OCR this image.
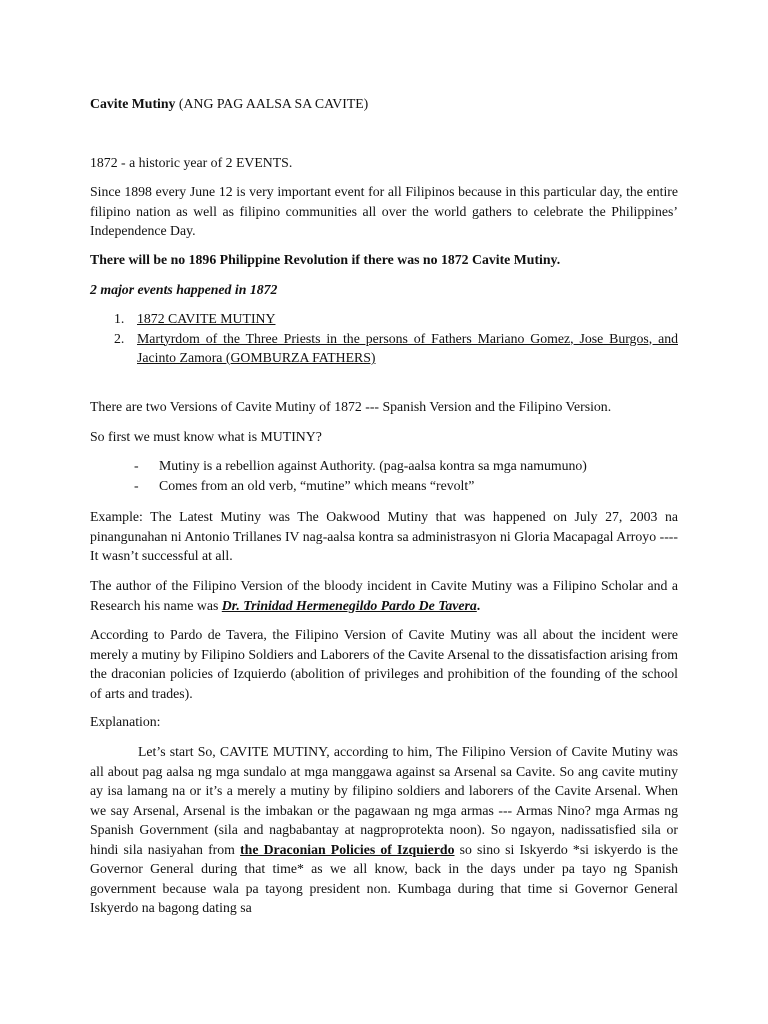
Cavite Mutiny (ANG PAG AALSA SA CAVITE)

1872 - a historic year of 2 EVENTS.

Since 1898 every June 12 is very important event for all Filipinos because in this particular day, the entire filipino nation as well as filipino communities all over the world gathers to celebrate the Philippines’ Independence Day.

There will be no 1896 Philippine Revolution if there was no 1872 Cavite Mutiny.

2 major events happened in 1872

1. 1872 CAVITE MUTINY
2. Martyrdom of the Three Priests in the persons of Fathers Mariano Gomez, Jose Burgos, and Jacinto Zamora (GOMBURZA FATHERS)

There are two Versions of Cavite Mutiny of 1872 --- Spanish Version and the Filipino Version.

So first we must know what is MUTINY?

- Mutiny is a rebellion against Authority. (pag-aalsa kontra sa mga namumuno)
- Comes from an old verb, “mutine” which means “revolt”

Example: The Latest Mutiny was The Oakwood Mutiny that was happened on July 27, 2003 na pinangunahan ni Antonio Trillanes IV nag-aalsa kontra sa administrasyon ni Gloria Macapagal Arroyo ---- It wasn’t successful at all.

The author of the Filipino Version of the bloody incident in Cavite Mutiny was a Filipino Scholar and a Research his name was Dr. Trinidad Hermenegildo Pardo De Tavera.

According to Pardo de Tavera, the Filipino Version of Cavite Mutiny was all about the incident were merely a mutiny by Filipino Soldiers and Laborers of the Cavite Arsenal to the dissatisfaction arising from the draconian policies of Izquierdo (abolition of privileges and prohibition of the founding of the school of arts and trades).

Explanation:

Let’s start So, CAVITE MUTINY, according to him, The Filipino Version of Cavite Mutiny was all about pag aalsa ng mga sundalo at mga manggawa against sa Arsenal sa Cavite. So ang cavite mutiny ay isa lamang na or it’s a merely a mutiny by filipino soldiers and laborers of the Cavite Arsenal. When we say Arsenal, Arsenal is the imbakan or the pagawaan ng mga armas --- Armas Nino? mga Armas ng Spanish Government (sila and nagbabantay at nagproprotekta noon). So ngayon, nadissatisfied sila or hindi sila nasiyahan from the Draconian Policies of Izquierdo so sino si Iskyerdo *si iskyerdo is the Governor General during that time* as we all know, back in the days under pa tayo ng Spanish government because wala pa tayong president non. Kumbaga during that time si Governor General Iskyerdo na bagong dating sa
